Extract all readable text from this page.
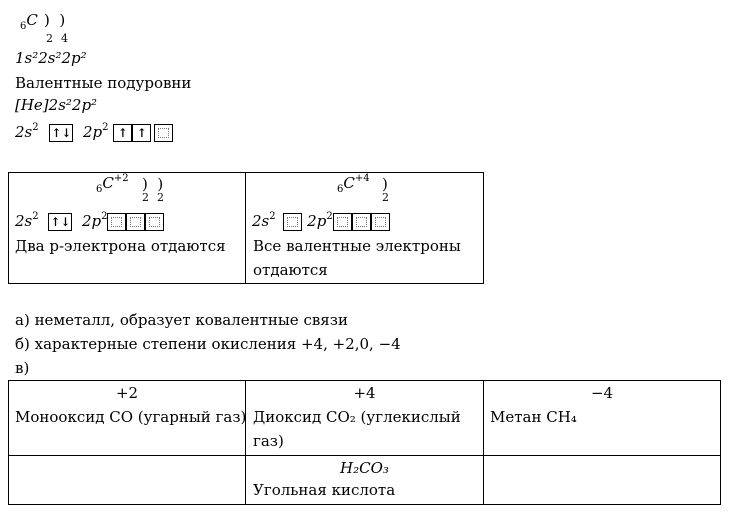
$_6$C )  )
2 4
1s²2s²2p²
Валентные подуровни
[He]2s²2p²
$2s^2$ ↑↓  $2p^2$ ↑ ↑
$_6C^{+2}$ )  )
2 2
$2s^2$ ↑↓  $2p^2$
Два р-электрона отдаются
$_6C^{+4}$ )
2
$2s^2$  $2p^2$
Все валентные электроны
отдаются
а) неметалл, образует ковалентные связи
б) характерные степени окисления +4, +2,0, −4
в)
+2	+4	−4
Монооксид CO (угарный газ) Диоксид CO₂ (углекислый
газ)
Метан CH₄
H₂CO₃
Угольная кислота
